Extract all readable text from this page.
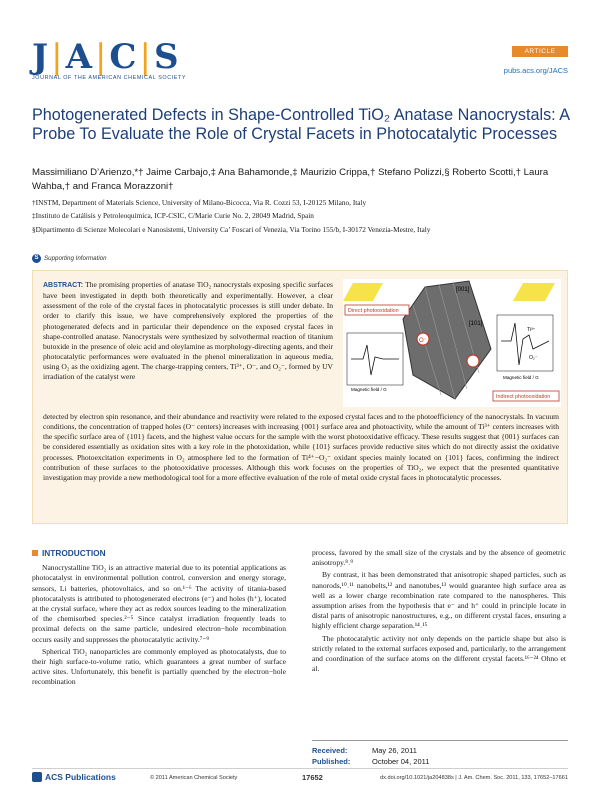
J|A|C|S
JOURNAL OF THE AMERICAN CHEMICAL SOCIETY
ARTICLE
pubs.acs.org/JACS
Photogenerated Defects in Shape-Controlled TiO₂ Anatase Nanocrystals: A Probe To Evaluate the Role of Crystal Facets in Photocatalytic Processes
Massimiliano D’Arienzo,*† Jaime Carbajo,‡ Ana Bahamonde,‡ Maurizio Crippa,† Stefano Polizzi,§ Roberto Scotti,† Laura Wahba,† and Franca Morazzoni†
†INSTM, Department of Materials Science, University of Milano-Bicocca, Via R. Cozzi 53, I-20125 Milano, Italy
‡Instituto de Catálisis y Petroleoquímica, ICP-CSIC, C/Marie Curie No. 2, 28049 Madrid, Spain
§Dipartimento di Scienze Molecolari e Nanosistemi, University Ca’ Foscari of Venezia, Via Torino 155/b, I-30172 Venezia-Mestre, Italy
S Supporting Information
ABSTRACT: The promising properties of anatase TiO₂ nanocrystals exposing specific surfaces have been investigated in depth both theoretically and experimentally. However, a clear assessment of the role of the crystal faces in photocatalytic processes is still under debate. In order to clarify this issue, we have comprehensively explored the properties of the photogenerated defects and in particular their dependence on the exposed crystal faces in shape-controlled anatase. Nanocrystals were synthesized by solvothermal reaction of titanium butoxide in the presence of oleic acid and oleylamine as morphology-directing agents, and their photocatalytic performances were evaluated in the phenol mineralization in aqueous media, using O₂ as the oxidizing agent. The charge-trapping centers, Ti³⁺, O⁻, and O₂⁻, formed by UV irradiation of the catalyst were
[001]
[101]
O⁻
Direct photooxidation
Indirect photooxidation
Magnetic field / G
Ti³⁺
O₂⁻
Magnetic field / G
detected by electron spin resonance, and their abundance and reactivity were related to the exposed crystal faces and to the photoefficiency of the nanocrystals. In vacuum conditions, the concentration of trapped holes (O⁻ centers) increases with increasing {001} surface area and photoactivity, while the amount of Ti³⁺ centers increases with the specific surface area of {101} facets, and the highest value occurs for the sample with the worst photooxidative efficacy. These results suggest that {001} surfaces can be considered essentially as oxidation sites with a key role in the photoxidation, while {101} surfaces provide reductive sites which do not directly assist the oxidative processes. Photoexcitation experiments in O₂ atmosphere led to the formation of Ti⁴⁺−O₂⁻ oxidant species mainly located on {101} faces, confirming the indirect contribution of these surfaces to the photooxidative processes. Although this work focuses on the properties of TiO₂, we expect that the presented quantitative investigation may provide a new methodological tool for a more effective evaluation of the role of metal oxide crystal faces in photocatalytic processes.
INTRODUCTION

Nanocrystalline TiO₂ is an attractive material due to its potential applications as photocatalyst in environmental pollution control, conversion and energy storage, sensors, Li batteries, photovoltaics, and so on.¹⁻⁶ The activity of titania-based photocatalysts is attributed to photogenerated electrons (e⁻) and holes (h⁺), located at the crystal surface, where they act as redox sources leading to the mineralization of the chemisorbed species.²⁻⁵ Since catalyst irradiation frequently leads to proximal defects on the same particle, undesired electron−hole recombination occurs easily and suppresses the photocatalytic activity.⁷⁻⁹

Spherical TiO₂ nanoparticles are commonly employed as photocatalysts, due to their high surface-to-volume ratio, which guarantees a great number of surface active sites. Unfortunately, this benefit is partially quenched by the electron−hole recombination

process, favored by the small size of the crystals and by the absence of geometric anisotropy.⁸˒⁹

By contrast, it has been demonstrated that anisotropic shaped particles, such as nanorods,¹⁰˒¹¹ nanobelts,¹² and nanotubes,¹³ would guarantee high surface area as well as a lower charge recombination rate compared to the nanospheres. This assumption arises from the hypothesis that e⁻ and h⁺ could in principle locate in distal parts of anisotropic nanostructures, e.g., on different crystal faces, ensuring a highly efficient charge separation.¹⁴˒¹⁵

The photocatalytic activity not only depends on the particle shape but also is strictly related to the external surfaces exposed and, particularly, to the arrangement and coordination of the surface atoms on the different crystal facets.¹⁶⁻²⁴ Ohno et al.

Received:	May 26, 2011
Published:	October 04, 2011
ACS Publications	© 2011 American Chemical Society	17652	dx.doi.org/10.1021/ja204838s | J. Am. Chem. Soc. 2011, 133, 17652–17661
